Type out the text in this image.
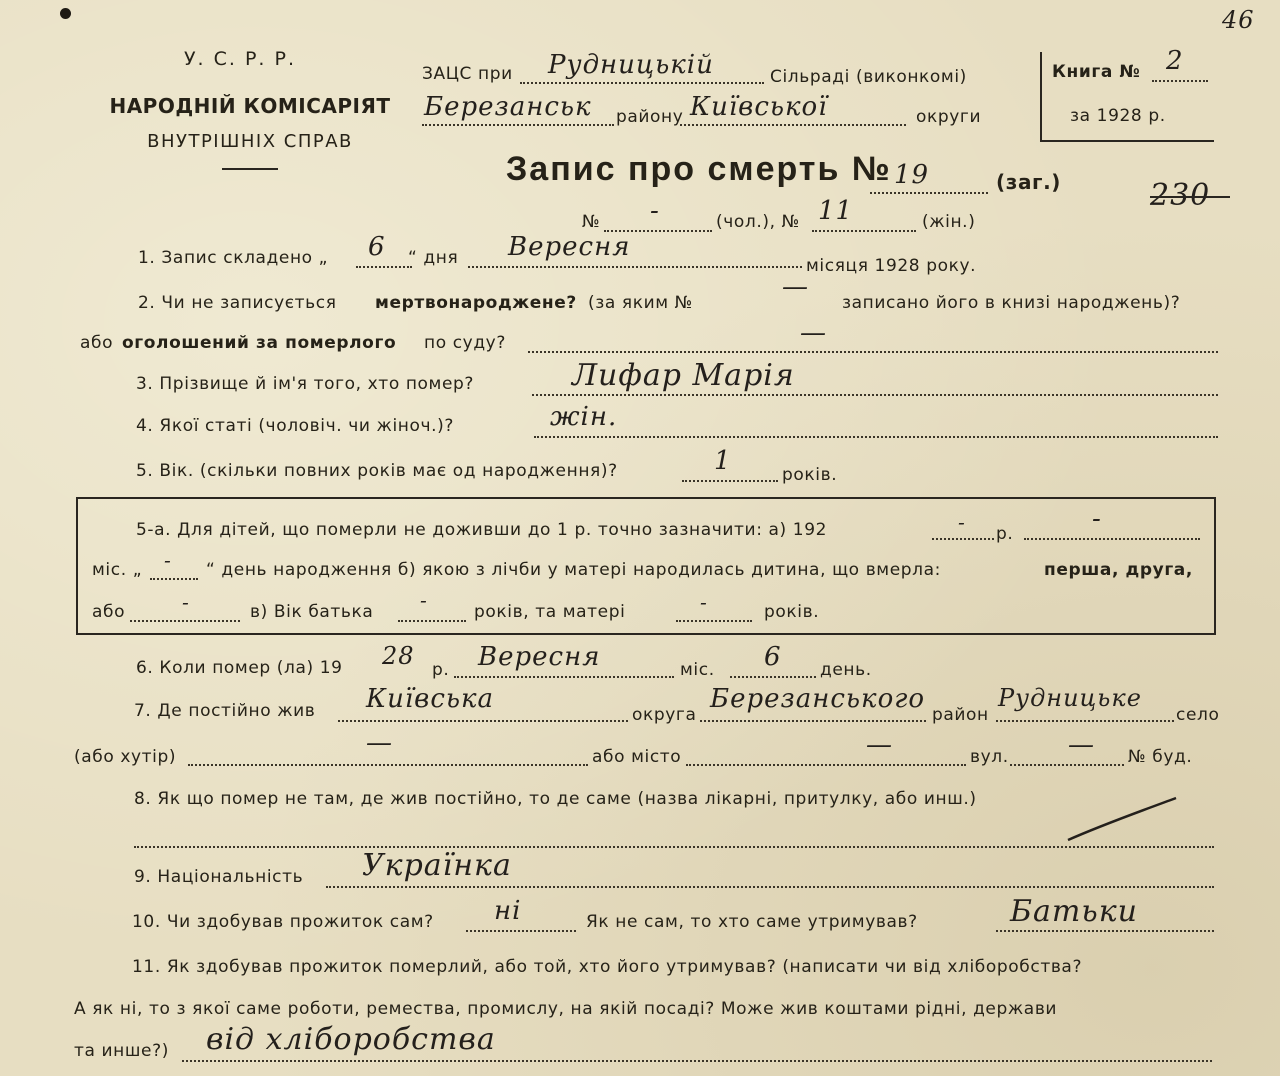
У. С. Р. Р.
НАРОДНІЙ КОМІСАРІЯТ
ВНУТРІШНІХ СПРАВ
ЗАЦС при Рудницькій	Сільраді (виконкомі)
Березанськ району Київської	округи
Книга № 2
за 1928 р.
46
230
Запис про смерть № 19	(заг.)
№ -	(чол.), № 11	(жін.)
1. Запис складено „ 6 “ дня Вересня
місяця 1928 року.
2. Чи не записується мертвонароджене? (за яким №
—
записано його в книзі народжень)?
або оголошений за померлого по суду?	—
3. Прізвище й ім'я того, хто помер?	Лифар Марія
4. Якої статі (чоловіч. чи жіноч.)?	жін.
5. Вік. (скільки повних років має од народження)?	1	років.
5-а. Для дітей, що померли не доживши до 1 р. точно зазначити: а) 192	- р.	-
міс. „ - “ день народження б) якою з лічби у матері народилась дитина, що вмерла:	перша, друга,
або	-	в) Вік батька -	років, та матері	-	років.
6. Коли помер (ла) 19 28 р. Вересня	міс. 6 день.
7. Де постійно жив Київська
округа
Березанського
район
Рудницьке
село
(або хутір)	—	або місто	—	вул. — № буд.
8. Як що помер не там, де жив постійно, то де саме (назва лікарні, притулку, або инш.)
9. Національність Українка
10. Чи здобував прожиток сам? ні	Як не сам, то хто саме утримував?	Батьки
11. Як здобував прожиток померлий, або той, хто його утримував? (написати чи від хліборобства?
А як ні, то з якої саме роботи, ремества, промислу, на якій посаді? Може жив коштами рідні, держави
та инше?) від хліборобства
